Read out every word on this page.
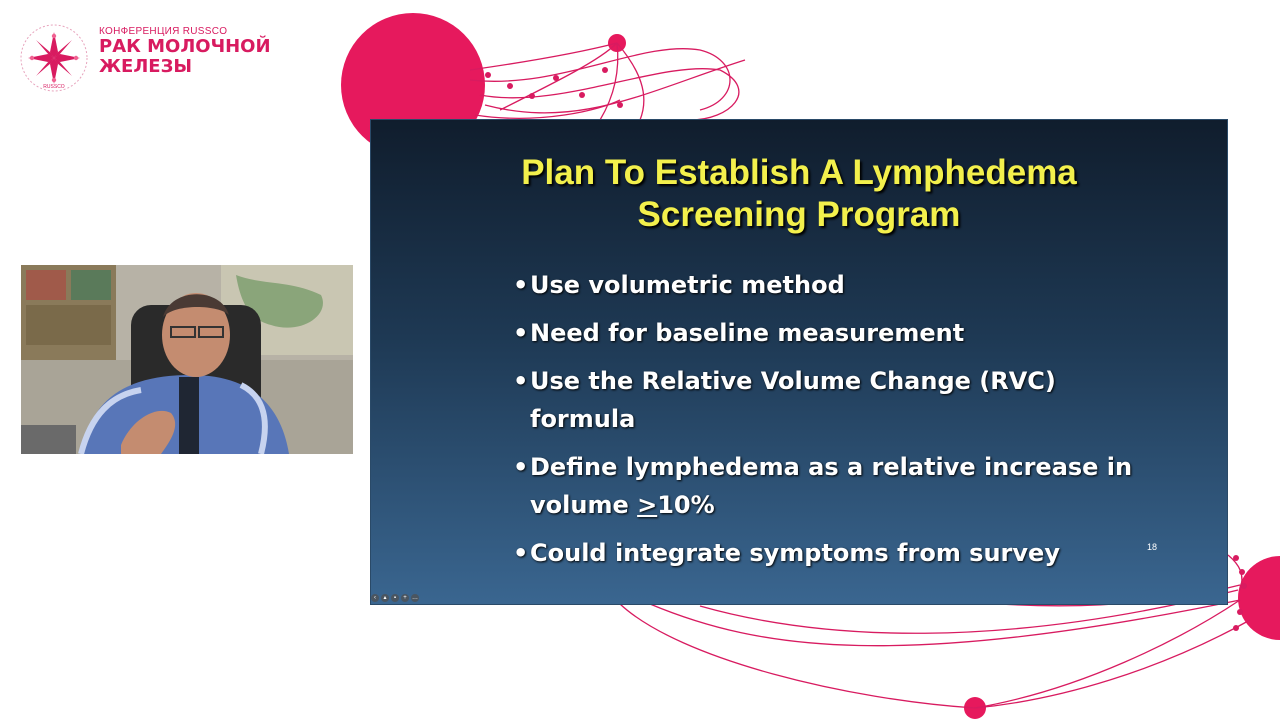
RUSSCO
КОНФЕРЕНЦИЯ RUSSCO
РАК МОЛОЧНОЙ
ЖЕЛЕЗЫ
Plan To Establish A Lymphedema
Screening Program
• Use volumetric method
• Need for baseline measurement
• Use the Relative Volume Change (RVC)
formula
• Define lymphedema as a relative increase in
volume ≥10%
• Could integrate symptoms from survey	18
‹	▴	▪	+ …
